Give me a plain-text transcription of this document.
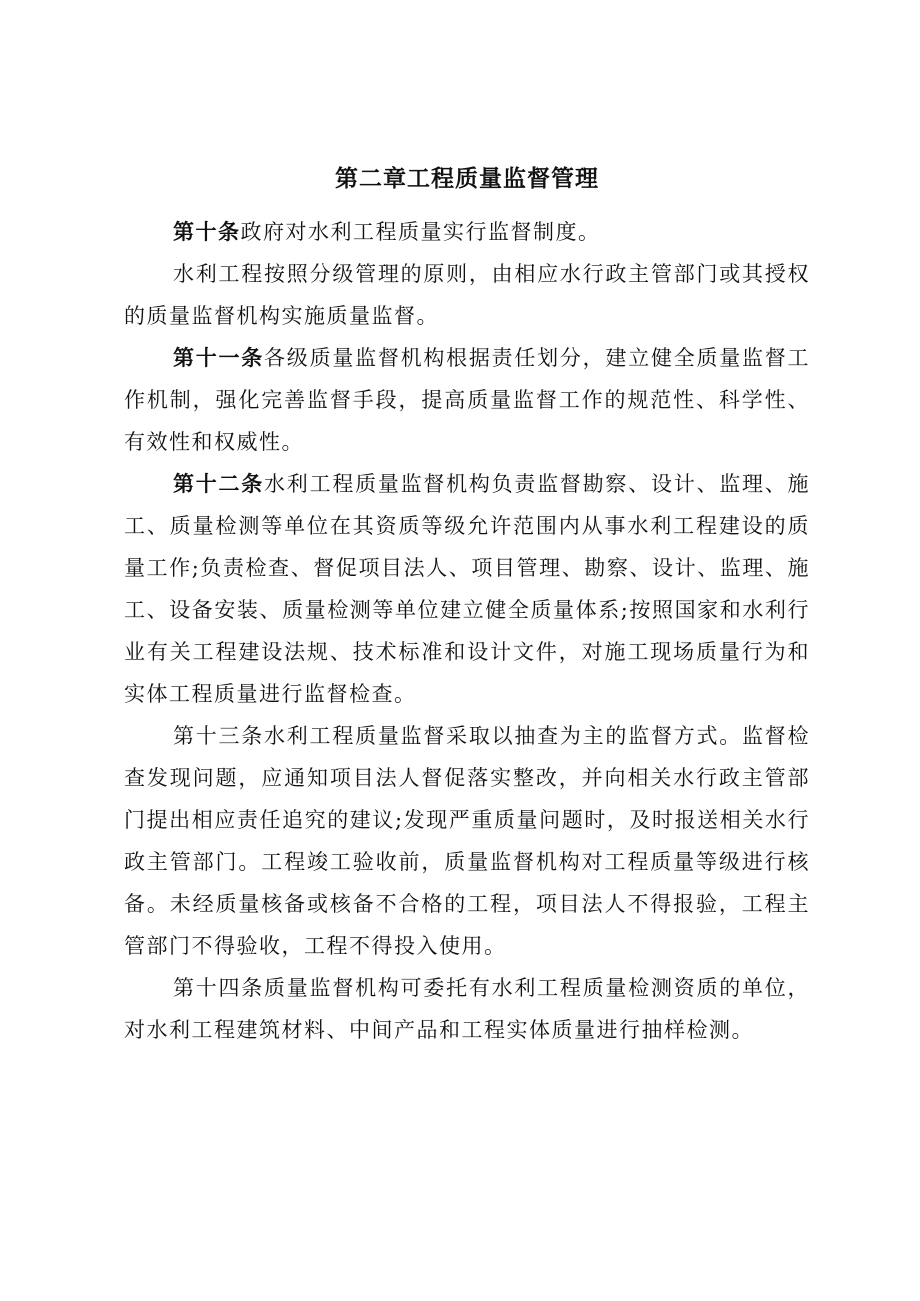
第二章工程质量监督管理

第十条政府对水利工程质量实行监督制度。

水利工程按照分级管理的原则，由相应水行政主管部门或其授权的质量监督机构实施质量监督。

第十一条各级质量监督机构根据责任划分，建立健全质量监督工作机制，强化完善监督手段，提高质量监督工作的规范性、科学性、有效性和权威性。

第十二条水利工程质量监督机构负责监督勘察、设计、监理、施工、质量检测等单位在其资质等级允许范围内从事水利工程建设的质量工作;负责检查、督促项目法人、项目管理、勘察、设计、监理、施工、设备安装、质量检测等单位建立健全质量体系;按照国家和水利行业有关工程建设法规、技术标准和设计文件，对施工现场质量行为和实体工程质量进行监督检查。

第十三条水利工程质量监督采取以抽查为主的监督方式。监督检查发现问题，应通知项目法人督促落实整改，并向相关水行政主管部门提出相应责任追究的建议;发现严重质量问题时，及时报送相关水行政主管部门。工程竣工验收前，质量监督机构对工程质量等级进行核备。未经质量核备或核备不合格的工程，项目法人不得报验，工程主管部门不得验收，工程不得投入使用。

第十四条质量监督机构可委托有水利工程质量检测资质的单位，对水利工程建筑材料、中间产品和工程实体质量进行抽样检测。
